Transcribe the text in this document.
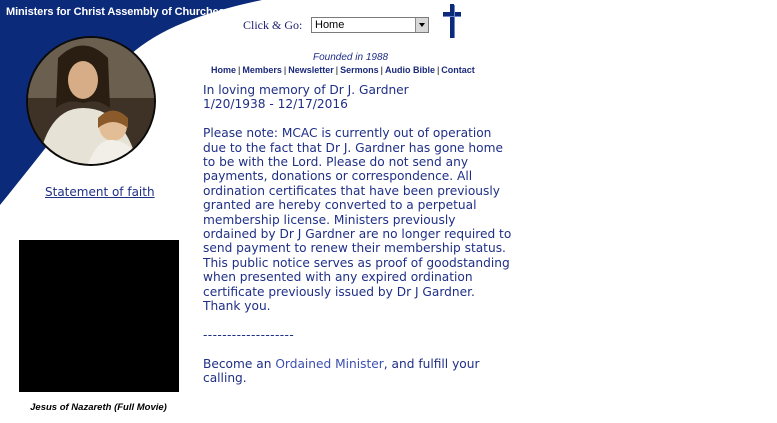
Ministers for Christ Assembly of Churches
Statement of faith
Jesus of Nazareth (Full Movie)
Click & Go: Home
Founded in 1988
Home | Members | Newsletter | Sermons | Audio Bible | Contact

In loving memory of Dr J. Gardner
1/20/1938 - 12/17/2016

Please note: MCAC is currently out of operation due to the fact that Dr J. Gardner has gone home to be with the Lord. Please do not send any payments, donations or correspondence. All ordination certificates that have been previously granted are hereby converted to a perpetual membership license. Ministers previously ordained by Dr J Gardner are no longer required to send payment to renew their membership status. This public notice serves as proof of goodstanding when presented with any expired ordination certificate previously issued by Dr J Gardner. Thank you.

-------------------

Become an Ordained Minister, and fulfill your calling.
